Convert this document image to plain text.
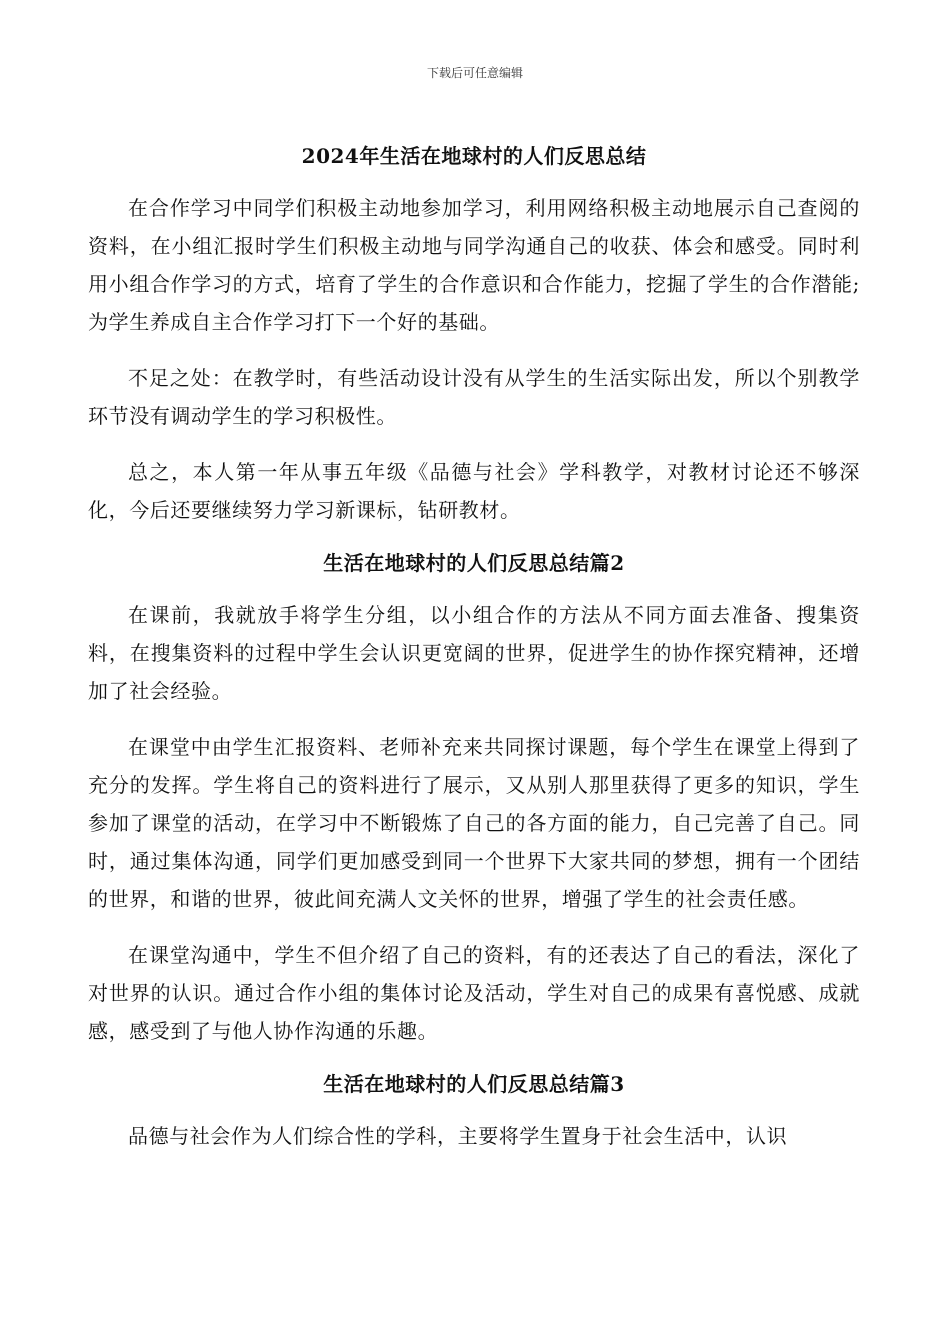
下载后可任意编辑
2024年生活在地球村的人们反思总结

在合作学习中同学们积极主动地参加学习，利用网络积极主动地展示自己查阅的资料，在小组汇报时学生们积极主动地与同学沟通自己的收获、体会和感受。同时利用小组合作学习的方式，培育了学生的合作意识和合作能力，挖掘了学生的合作潜能;为学生养成自主合作学习打下一个好的基础。

不足之处：在教学时，有些活动设计没有从学生的生活实际出发，所以个别教学环节没有调动学生的学习积极性。

总之，本人第一年从事五年级《品德与社会》学科教学，对教材讨论还不够深化，今后还要继续努力学习新课标，钻研教材。

生活在地球村的人们反思总结篇2

在课前，我就放手将学生分组，以小组合作的方法从不同方面去准备、搜集资料，在搜集资料的过程中学生会认识更宽阔的世界，促进学生的协作探究精神，还增加了社会经验。

在课堂中由学生汇报资料、老师补充来共同探讨课题，每个学生在课堂上得到了充分的发挥。学生将自己的资料进行了展示，又从别人那里获得了更多的知识，学生参加了课堂的活动，在学习中不断锻炼了自己的各方面的能力，自己完善了自己。同时，通过集体沟通，同学们更加感受到同一个世界下大家共同的梦想，拥有一个团结的世界，和谐的世界，彼此间充满人文关怀的世界，增强了学生的社会责任感。

在课堂沟通中，学生不但介绍了自己的资料，有的还表达了自己的看法，深化了对世界的认识。通过合作小组的集体讨论及活动，学生对自己的成果有喜悦感、成就感，感受到了与他人协作沟通的乐趣。

生活在地球村的人们反思总结篇3

品德与社会作为人们综合性的学科，主要将学生置身于社会生活中，认识
